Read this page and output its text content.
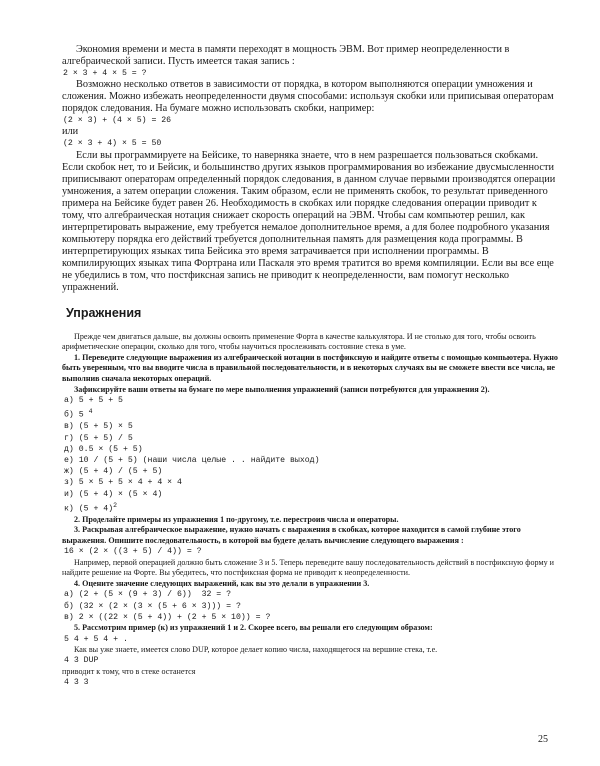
Экономия времени и места в памяти переходят в мощность ЭВМ. Вот пример неопределенности в алгебраической записи. Пусть имеется такая запись :

2 × 3 + 4 × 5 = ?

Возможно несколько ответов в зависимости от порядка, в котором выполняются операции умножения и сложения. Можно избежать неопределенности двумя способами: используя скобки или приписывая операторам порядок следования. На бумаге можно использовать скобки, например:

(2 × 3) + (4 × 5) = 26

или

(2 × 3 + 4) × 5 = 50

Если вы программируете на Бейсике, то наверняка знаете, что в нем разрешается пользоваться скобками. Если скобок нет, то и Бейсик, и большинство других языков программирования во избежание двусмысленности приписывают операторам определенный порядок следования, в данном случае первыми производятся операции умножения, а затем операции сложения. Таким образом, если не применять скобок, то результат приведенного примера на Бейсике будет равен 26. Необходимость в скобках или порядке следования операции приводит к тому, что алгебраическая нотация снижает скорость операций на ЭВМ. Чтобы сам компьютер решил, как интерпретировать выражение, ему требуется немалое дополнительное время, а для более подробного указания компьютеру порядка его действий требуется дополнительная память для размещения кода программы. В интерпретирующих языках типа Бейсика это время затрачивается при исполнении программы. В компилирующих языках типа Фортрана или Паскаля это время тратится во время компиляции. Если вы все еще не убедились в том, что постфиксная запись не приводит к неопределенности, вам помогут несколько упражнений.

Упражнения

Прежде чем двигаться дальше, вы должны освоить применение Форта в качестве калькулятора. И не столько для того, чтобы освоить арифметические операции, сколько для того, чтобы научиться прослеживать состояние стека в уме.

1. Переведите следующие выражения из алгебраической нотации в постфиксную и найдите ответы с помощью компьютера. Нужно быть уверенным, что вы вводите числа в правильной последовательности, и в некоторых случаях вы не сможете ввести все числа, не выполнив сначала некоторых операций.

Зафиксируйте ваши ответы на бумаге по мере выполнения упражнений (записи потребуются для упражнения 2).

а) 5 + 5 + 5

б) 5 $^4$

в) (5 + 5) × 5

г) (5 + 5) / 5

д) 0.5 × (5 + 5)

е) 10 / (5 + 5) (наши числа целые . . найдите выход)

ж) (5 + 4) / (5 + 5)

з) 5 × 5 + 5 × 4 + 4 × 4

и) (5 + 4) × (5 × 4)

к) $(5 + 4)^2$

2. Проделайте примеры из упражнения 1 по-другому, т.е. перестроив числа и операторы.

3. Раскрывая алгебраическое выражение, нужно начать с выражения в скобках, которое находится в самой глубине этого выражения. Опишите последовательность, в которой вы будете делать вычисление следующего выражения :

16 × (2 × ((3 + 5) / 4)) = ?

Например, первой операцией должно быть сложение 3 и 5. Теперь переведите вашу последовательность действий в постфиксную форму и найдите решение на Форте. Вы убедитесь, что постфиксная форма не приводит к неопределенности.

4. Оцените значение следующих выражений, как вы это делали в упражнении 3.

а) (2 + (5 × (9 + 3) / 6))  32 = ?

б) (32 × (2 × (3 × (5 + 6 × 3))) = ?

в) 2 × ((22 × (5 + 4)) + (2 + 5 × 10)) = ?

5. Рассмотрим пример (к) из упражнений 1 и 2. Скорее всего, вы решали его следующим образом:

5 4 + 5 4 + .

Как вы уже знаете, имеется слово DUP, которое делает копию числа, находящегося на вершине стека, т.е.

4 3 DUP

приводит к тому, что в стеке останется

4 3 3

25
